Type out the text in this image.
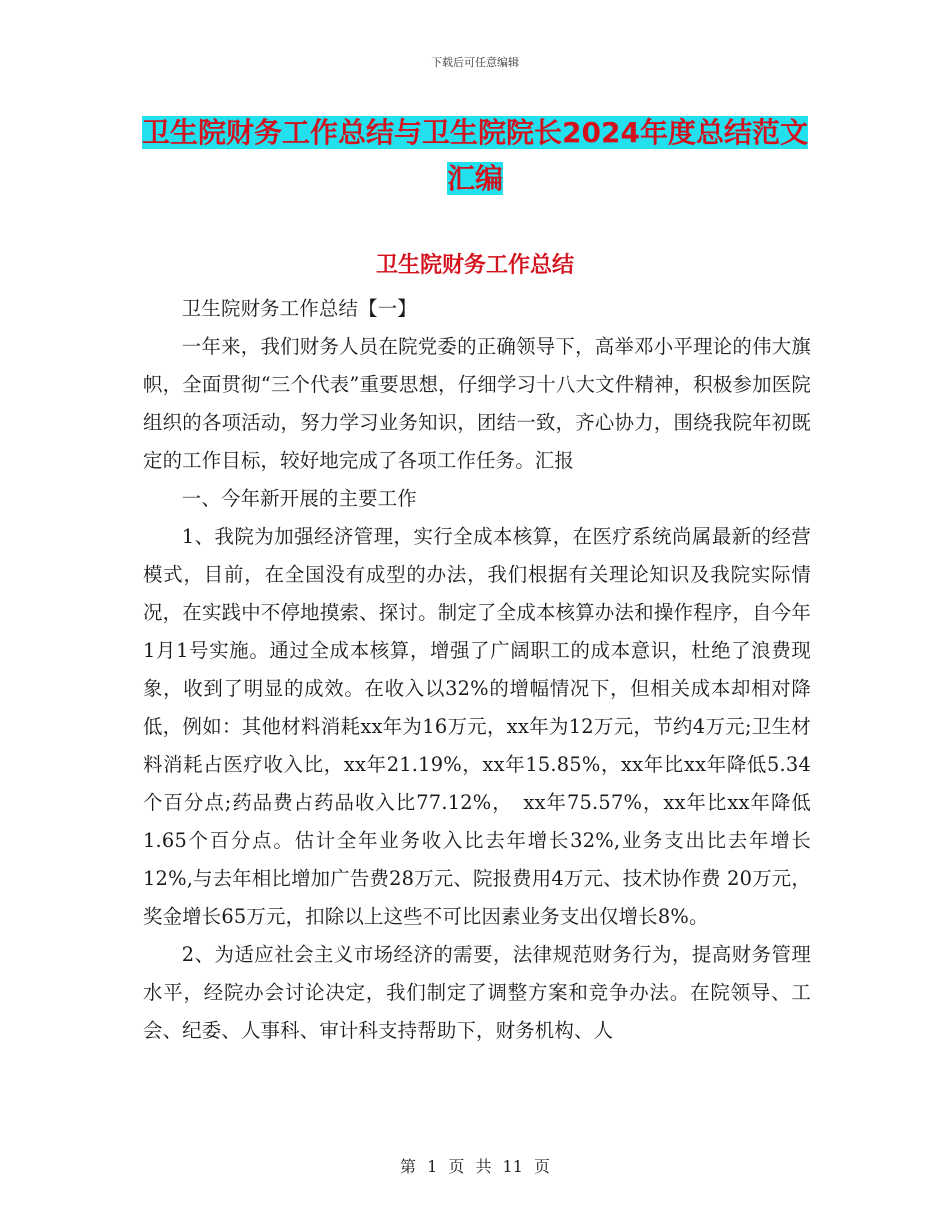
下载后可任意编辑
卫生院财务工作总结与卫生院院长2024年度总结范文
汇编
卫生院财务工作总结

卫生院财务工作总结【一】

一年来，我们财务人员在院党委的正确领导下，高举邓小平理论的伟大旗帜，全面贯彻“三个代表”重要思想，仔细学习十八大文件精神，积极参加医院组织的各项活动，努力学习业务知识，团结一致，齐心协力，围绕我院年初既定的工作目标，较好地完成了各项工作任务。汇报

一、今年新开展的主要工作

1、我院为加强经济管理，实行全成本核算，在医疗系统尚属最新的经营模式，目前，在全国没有成型的办法，我们根据有关理论知识及我院实际情况，在实践中不停地摸索、探讨。制定了全成本核算办法和操作程序，自今年1月1号实施。通过全成本核算，增强了广阔职工的成本意识，杜绝了浪费现象，收到了明显的成效。在收入以32%的增幅情况下，但相关成本却相对降低，例如：其他材料消耗xx年为16万元，xx年为12万元，节约4万元;卫生材料消耗占医疗收入比，xx年21.19%，xx年15.85%，xx年比xx年降低5.34个百分点;药品费占药品收入比77.12%，　xx年75.57%，xx年比xx年降低1.65个百分点。估计全年业务收入比去年增长32%,业务支出比去年增长12%,与去年相比增加广告费28万元、院报费用4万元、技术协作费 20万元，奖金增长65万元，扣除以上这些不可比因素业务支出仅增长8%。

2、为适应社会主义市场经济的需要，法律规范财务行为，提高财务管理水平，经院办会讨论决定，我们制定了调整方案和竞争办法。在院领导、工会、纪委、人事科、审计科支持帮助下，财务机构、人

第 1 页 共 11 页
